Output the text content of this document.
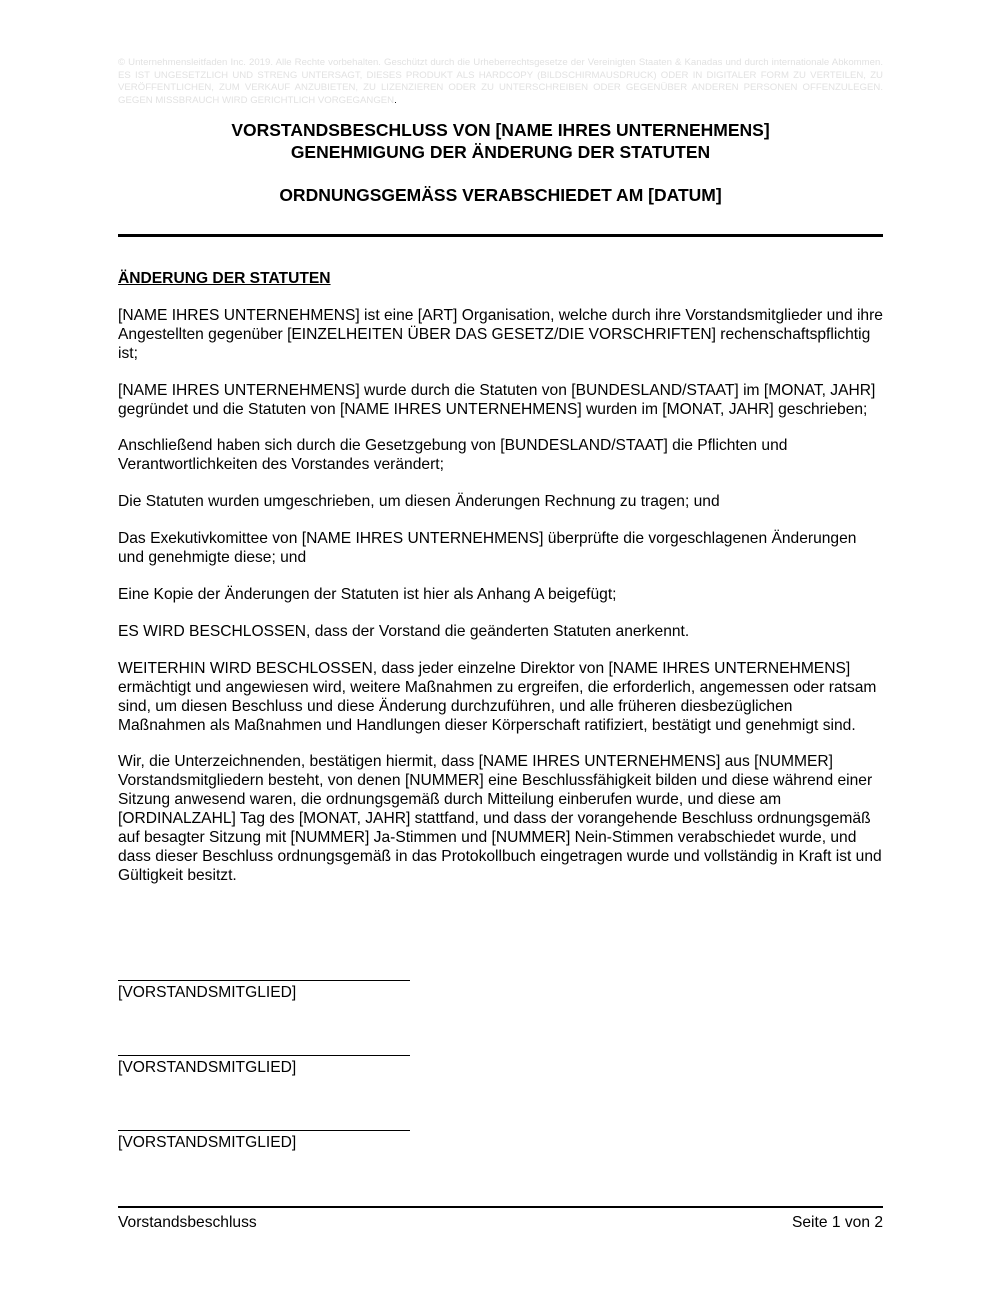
© Unternehmensleitfaden Inc. 2019. Alle Rechte vorbehalten. Geschützt durch die Urheberrechtsgesetze der Vereinigten Staaten & Kanadas und durch internationale Abkommen. ES IST UNGESETZLICH UND STRENG UNTERSAGT, DIESES PRODUKT ALS HARDCOPY (BILDSCHIRMAUSDRUCK) ODER IN DIGITALER FORM ZU VERTEILEN, ZU VERÖFFENTLICHEN, ZUM VERKAUF ANZUBIETEN, ZU LIZENZIEREN ODER ZU UNTERSCHREIBEN ODER GEGENÜBER ANDEREN PERSONEN OFFENZULEGEN. GEGEN MISSBRAUCH WIRD GERICHTLICH VORGEGANGEN.

VORSTANDSBESCHLUSS VON [NAME IHRES UNTERNEHMENS]

GENEHMIGUNG DER ÄNDERUNG DER STATUTEN

ORDNUNGSGEMÄSS VERABSCHIEDET AM [DATUM]

ÄNDERUNG DER STATUTEN

[NAME IHRES UNTERNEHMENS] ist eine [ART] Organisation, welche durch ihre Vorstandsmitglieder und ihre Angestellten gegenüber [EINZELHEITEN ÜBER DAS GESETZ/DIE VORSCHRIFTEN] rechenschaftspflichtig ist;

[NAME IHRES UNTERNEHMENS] wurde durch die Statuten von [BUNDESLAND/STAAT] im [MONAT, JAHR] gegründet und die Statuten von [NAME IHRES UNTERNEHMENS] wurden im [MONAT, JAHR] geschrieben;

Anschließend haben sich durch die Gesetzgebung von [BUNDESLAND/STAAT] die Pflichten und Verantwortlichkeiten des Vorstandes verändert;

Die Statuten wurden umgeschrieben, um diesen Änderungen Rechnung zu tragen; und

Das Exekutivkomittee von [NAME IHRES UNTERNEHMENS] überprüfte die vorgeschlagenen Änderungen und genehmigte diese; und

Eine Kopie der Änderungen der Statuten ist hier als Anhang A beigefügt;

ES WIRD BESCHLOSSEN, dass der Vorstand die geänderten Statuten anerkennt.

WEITERHIN WIRD BESCHLOSSEN, dass jeder einzelne Direktor von [NAME IHRES UNTERNEHMENS] ermächtigt und angewiesen wird, weitere Maßnahmen zu ergreifen, die erforderlich, angemessen oder ratsam sind, um diesen Beschluss und diese Änderung durchzuführen, und alle früheren diesbezüglichen Maßnahmen als Maßnahmen und Handlungen dieser Körperschaft ratifiziert, bestätigt und genehmigt sind.

Wir, die Unterzeichnenden, bestätigen hiermit, dass [NAME IHRES UNTERNEHMENS] aus [NUMMER] Vorstandsmitgliedern besteht, von denen [NUMMER] eine Beschlussfähigkeit bilden und diese während einer Sitzung anwesend waren, die ordnungsgemäß durch Mitteilung einberufen wurde, und diese am [ORDINALZAHL] Tag des [MONAT, JAHR] stattfand, und dass der vorangehende Beschluss ordnungsgemäß auf besagter Sitzung mit [NUMMER] Ja-Stimmen und [NUMMER] Nein-Stimmen verabschiedet wurde, und dass dieser Beschluss ordnungsgemäß in das Protokollbuch eingetragen wurde und vollständig in Kraft ist und Gültigkeit besitzt.

[VORSTANDSMITGLIED]
[VORSTANDSMITGLIED]
[VORSTANDSMITGLIED]
Vorstandsbeschluss	Seite 1 von 2
